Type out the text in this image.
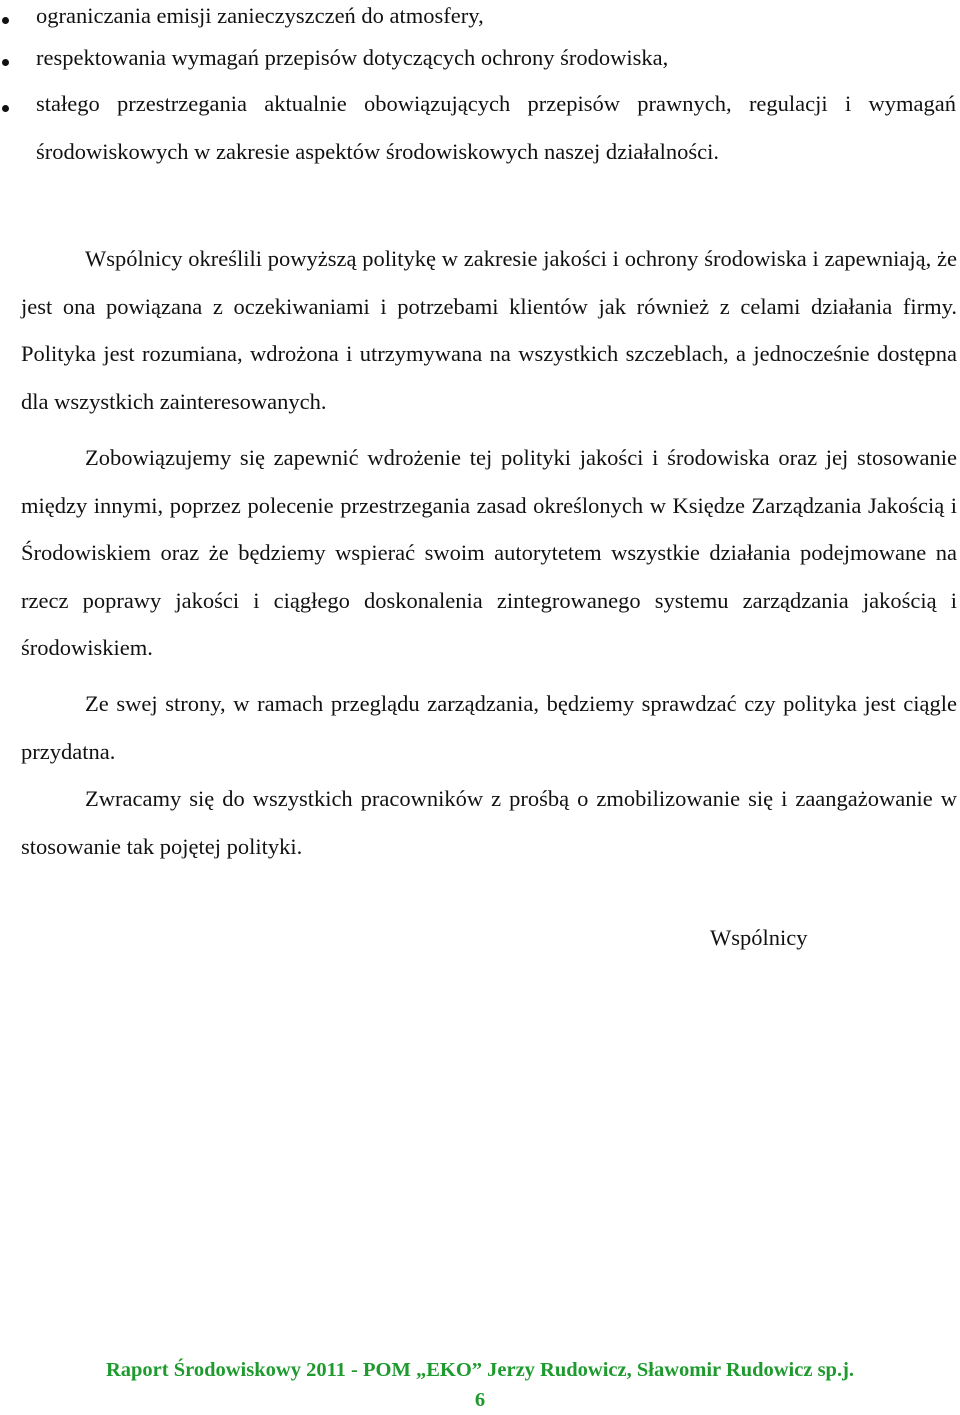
ograniczania emisji zanieczyszczeń do atmosfery,
respektowania wymagań przepisów dotyczących ochrony środowiska,
stałego przestrzegania aktualnie obowiązujących przepisów prawnych, regulacji i wymagań środowiskowych w zakresie aspektów środowiskowych naszej działalności.

Wspólnicy określili powyższą politykę w zakresie jakości i ochrony środowiska i zapewniają, że jest ona powiązana z oczekiwaniami i potrzebami klientów jak również z celami działania firmy. Polityka jest rozumiana, wdrożona i utrzymywana na wszystkich szczeblach, a jednocześnie dostępna dla wszystkich zainteresowanych.

Zobowiązujemy się zapewnić wdrożenie tej polityki jakości i środowiska oraz jej stosowanie między innymi, poprzez polecenie przestrzegania zasad określonych w Księdze Zarządzania Jakością i Środowiskiem oraz że będziemy wspierać swoim autorytetem wszystkie działania podejmowane na rzecz poprawy jakości i ciągłego doskonalenia zintegrowanego systemu zarządzania jakością i środowiskiem.

Ze swej strony, w ramach przeglądu zarządzania, będziemy sprawdzać czy polityka jest ciągle przydatna.

Zwracamy się do wszystkich pracowników z prośbą o zmobilizowanie się i zaangażowanie w stosowanie tak pojętej polityki.

Wspólnicy
Raport Środowiskowy 2011 - POM „EKO” Jerzy Rudowicz, Sławomir Rudowicz sp.j.
6
